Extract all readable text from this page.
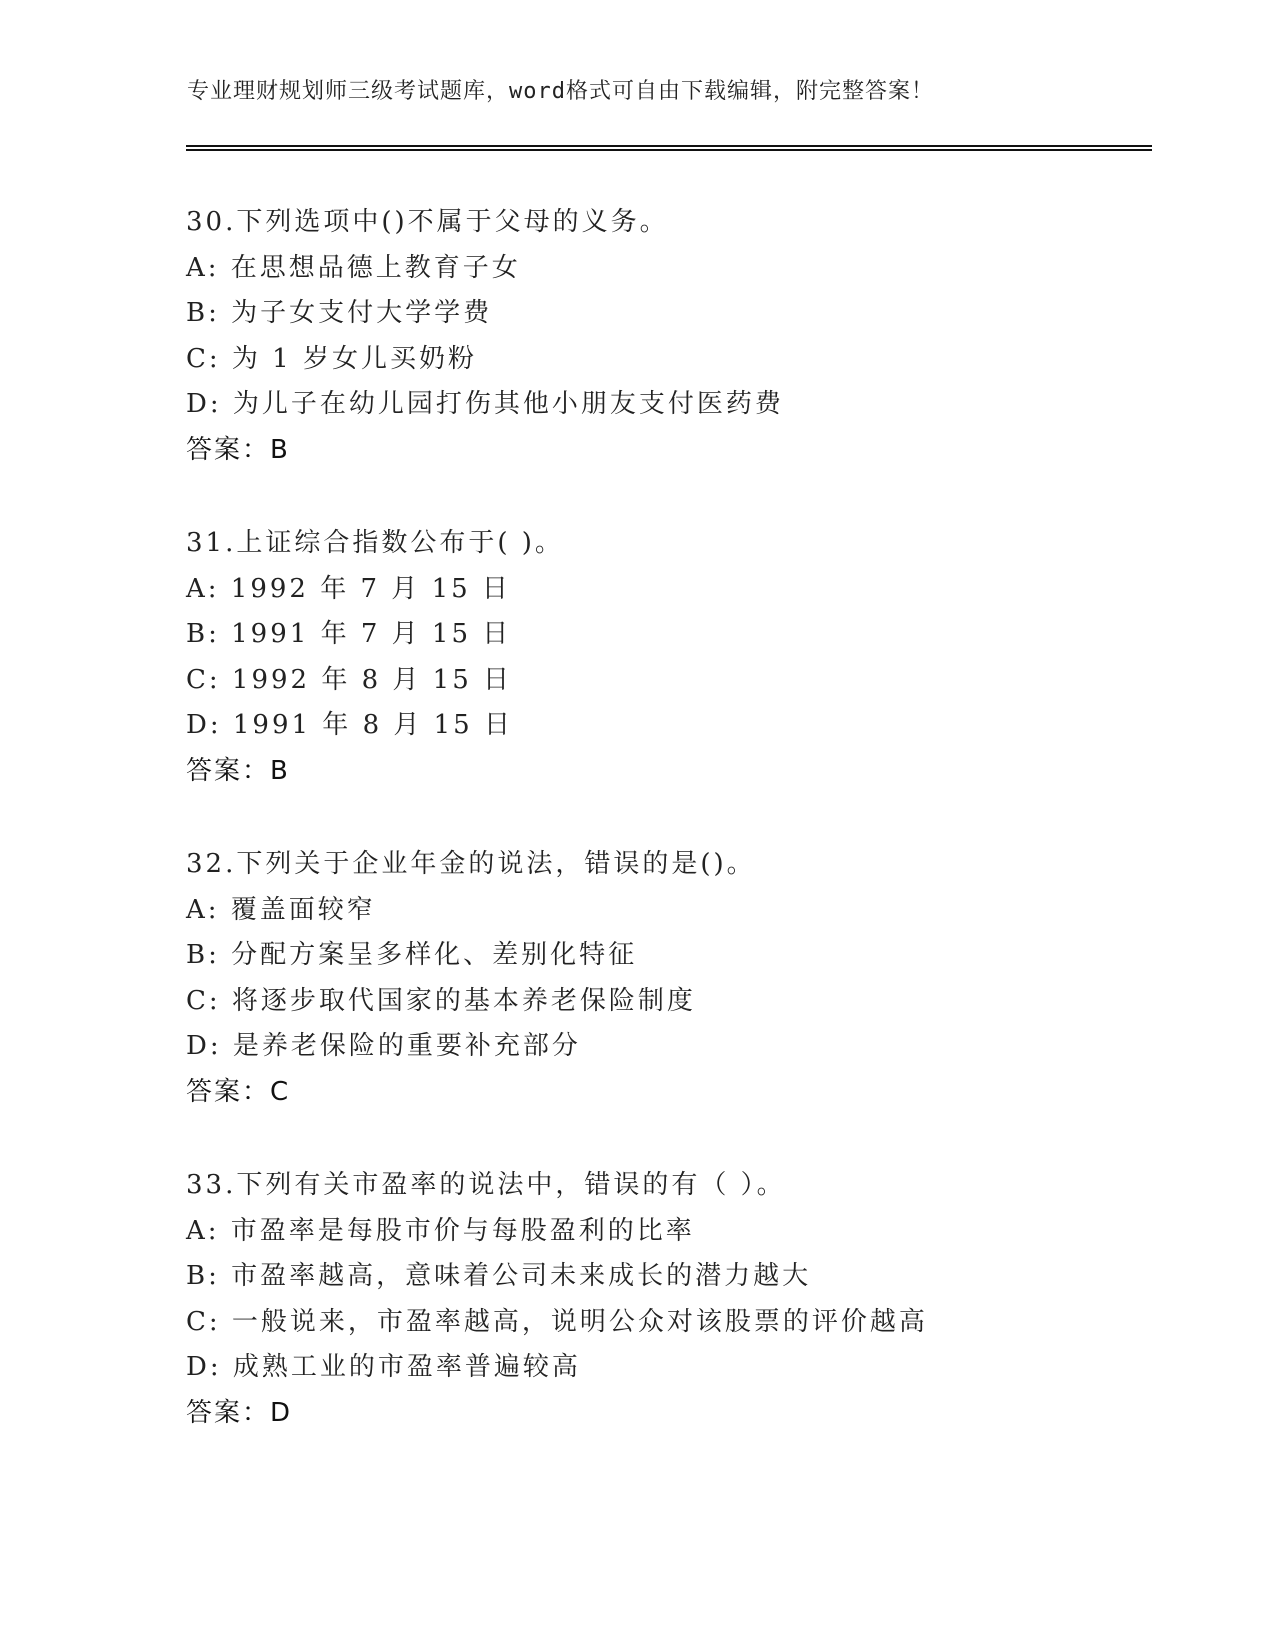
专业理财规划师三级考试题库，word格式可自由下载编辑，附完整答案！
30.下列选项中()不属于父母的义务。
A: 在思想品德上教育子女
B: 为子女支付大学学费
C: 为 1 岁女儿买奶粉
D: 为儿子在幼儿园打伤其他小朋友支付医药费
答案：B
31.上证综合指数公布于( )。
A: 1992 年 7 月 15 日
B: 1991 年 7 月 15 日
C: 1992 年 8 月 15 日
D: 1991 年 8 月 15 日
答案：B
32.下列关于企业年金的说法，错误的是()。
A: 覆盖面较窄
B: 分配方案呈多样化、差别化特征
C: 将逐步取代国家的基本养老保险制度
D: 是养老保险的重要补充部分
答案：C
33.下列有关市盈率的说法中，错误的有（ ）。
A: 市盈率是每股市价与每股盈利的比率
B: 市盈率越高，意味着公司未来成长的潜力越大
C: 一般说来，市盈率越高，说明公众对该股票的评价越高
D: 成熟工业的市盈率普遍较高
答案：D
